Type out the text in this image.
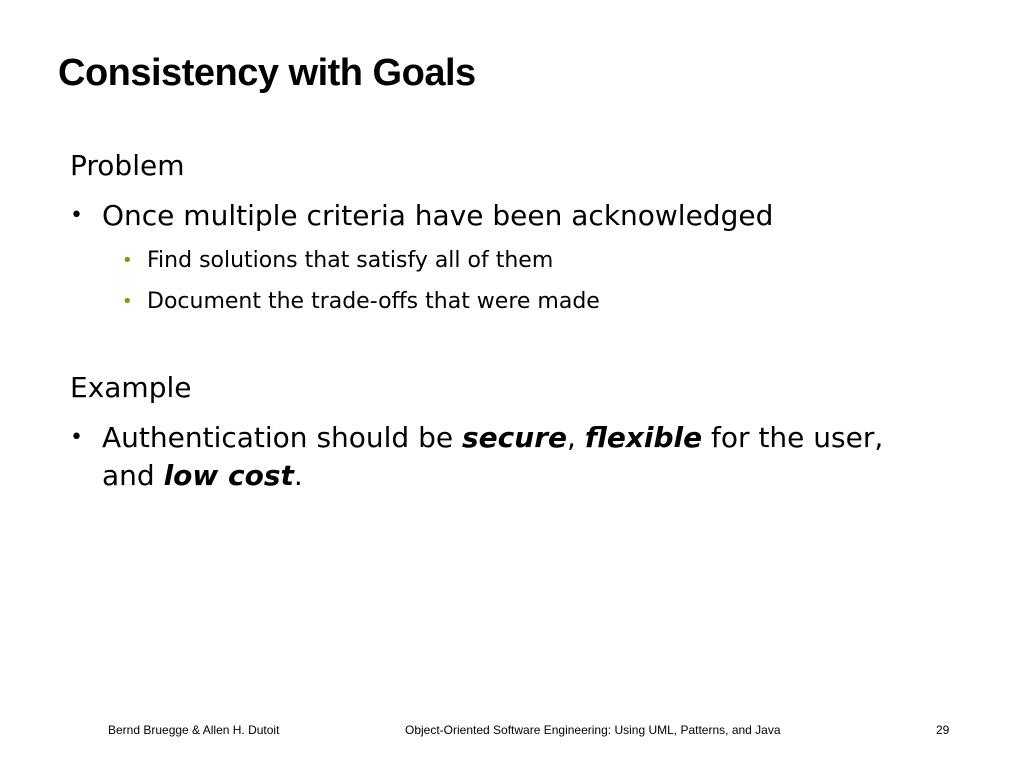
Consistency with Goals
Problem
• Once multiple criteria have been acknowledged
• Find solutions that satisfy all of them
• Document the trade-offs that were made
Example
• Authentication should be secure, flexible for the user, and low cost.
Bernd Bruegge & Allen H. Dutoit	Object-Oriented Software Engineering: Using UML, Patterns, and Java	29
